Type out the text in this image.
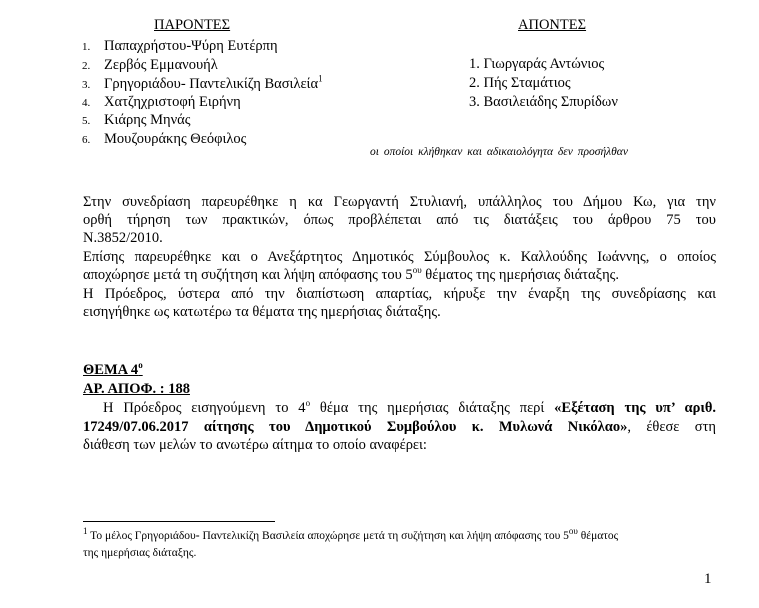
ΠΑΡΟΝΤΕΣ	ΑΠΟΝΤΕΣ
1. Παπαχρήστου-Ψύρη Ευτέρπη
2. Ζερβός Εμμανουήλ
3. Γρηγοριάδου- Παντελικίζη Βασιλεία$^1$
4. Χατζηχριστοφή Ειρήνη
5. Κιάρης Μηνάς
6. Μουζουράκης Θεόφιλος
1. Γιωργαράς Αντώνιος
2. Πής Σταμάτιος
3. Βασιλειάδης Σπυρίδων
οι οποίοι κλήθηκαν και αδικαιολόγητα δεν προσήλθαν
Στην συνεδρίαση παρευρέθηκε η κα Γεωργαντή Στυλιανή, υπάλληλος του Δήμου Κω, για την
ορθή τήρηση των πρακτικών, όπως προβλέπεται από τις διατάξεις του άρθρου 75 του
Ν.3852/2010.
Επίσης παρευρέθηκε και ο Ανεξάρτητος Δημοτικός Σύμβουλος κ. Καλλούδης Ιωάννης, ο οποίος
αποχώρησε μετά τη συζήτηση και λήψη απόφασης του $5^{o\upsilon}$ θέματος της ημερήσιας διάταξης.
Η Πρόεδρος, ύστερα από την διαπίστωση απαρτίας, κήρυξε την έναρξη της συνεδρίασης και
εισηγήθηκε ως κατωτέρω τα θέματα της ημερήσιας διάταξης.
ΘΕΜΑ $4^o$
ΑΡ. ΑΠΟΦ. : 188
Η Πρόεδρος εισηγούμενη το $4^o$ θέμα της ημερήσιας διάταξης περί «Εξέταση της υπ’ αριθ.
17249/07.06.2017 αίτησης του Δημοτικού Συμβούλου κ. Μυλωνά Νικόλαο», έθεσε στη
διάθεση των μελών το ανωτέρω αίτημα το οποίο αναφέρει:
$^1$ Το μέλος Γρηγοριάδου- Παντελικίζη Βασιλεία αποχώρησε μετά τη συζήτηση και λήψη απόφασης του $5^{o\upsilon}$ θέματος
της ημερήσιας διάταξης.
1
